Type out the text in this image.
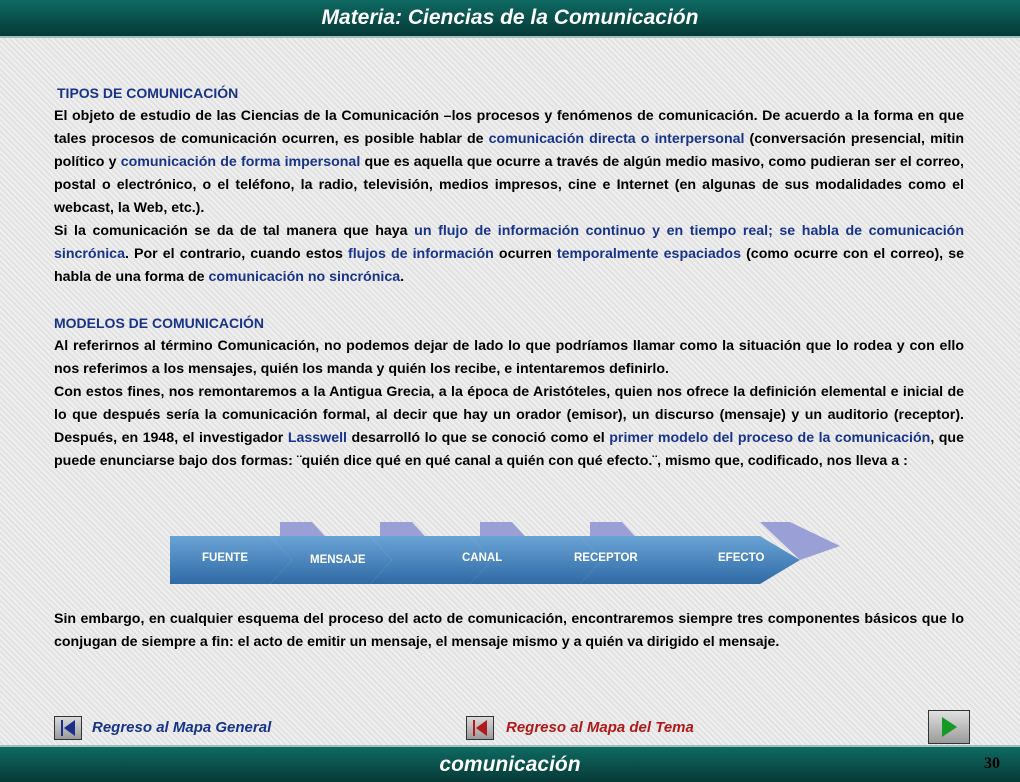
Materia: Ciencias de la Comunicación

TIPOS DE COMUNICACIÓN

El objeto de estudio de las Ciencias de la Comunicación –los procesos y fenómenos de comunicación. De acuerdo a la forma en que tales procesos de comunicación ocurren, es posible hablar de comunicación directa o interpersonal (conversación presencial, mitin político y comunicación de forma impersonal que es aquella que ocurre a través de algún medio masivo, como pudieran ser el correo, postal o electrónico, o el teléfono, la radio, televisión, medios impresos, cine e Internet (en algunas de sus modalidades como el webcast, la Web, etc.).

Si la comunicación se da de tal manera que haya un flujo de información continuo y en tiempo real; se habla de comunicación sincrónica. Por el contrario, cuando estos flujos de información ocurren temporalmente espaciados (como ocurre con el correo), se habla de una forma de comunicación no sincrónica.

MODELOS DE COMUNICACIÓN

Al referirnos al término Comunicación, no podemos dejar de lado lo que podríamos llamar como la situación que lo rodea y con ello nos referimos a los mensajes, quién los manda y quién los recibe, e intentaremos definirlo.

Con estos fines, nos remontaremos a la Antigua Grecia, a la época de Aristóteles, quien nos ofrece la definición elemental e inicial de lo que después sería la comunicación formal, al decir que hay un orador (emisor), un discurso (mensaje) y un auditorio (receptor). Después, en 1948, el investigador Lasswell desarrolló lo que se conoció como el primer modelo del proceso de la comunicación, que puede enunciarse bajo dos formas: ¨quién dice qué en qué canal a quién con qué efecto.¨, mismo que, codificado, nos lleva a :

FUENTE	MENSAJE	CANAL	RECEPTOR	EFECTO

Sin embargo, en cualquier esquema del proceso del acto de comunicación, encontraremos siempre tres componentes básicos que lo conjugan de siempre a fin: el acto de emitir un mensaje, el mensaje mismo y a quién va dirigido el mensaje.

Regreso al Mapa General	Regreso al Mapa del Tema
comunicación	30
